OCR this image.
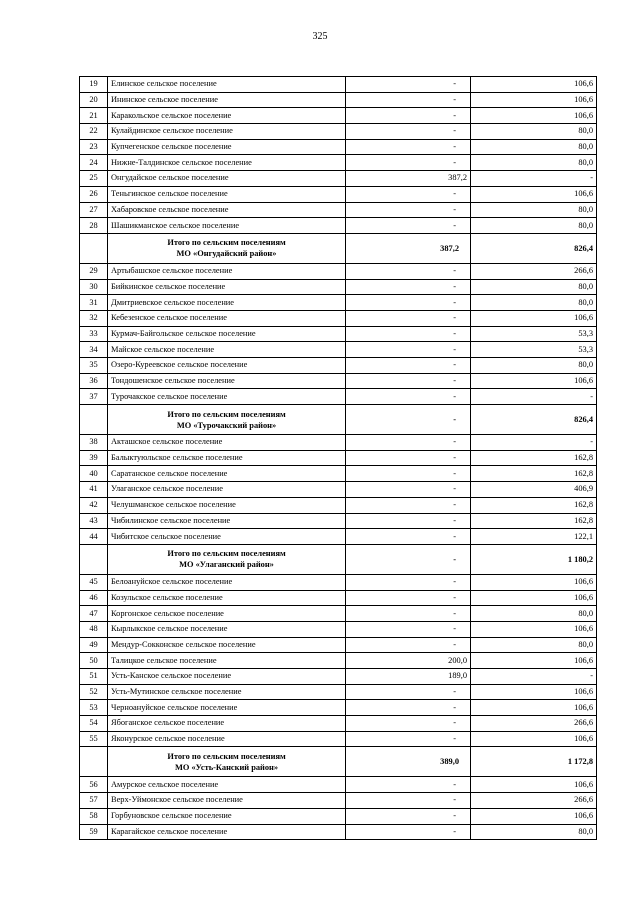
325
19	Елинское сельское поселение	-	106,6
20	Ининское сельское поселение	-	106,6
21	Каракольское сельское поселение	-	106,6
22	Кулайдинское сельское поселение	-	80,0
23	Купчегенское сельское поселение	-	80,0
24	Нижне-Талдинское сельское поселение	-	80,0
25	Онгудайское сельское поселение	387,2	-
26	Теньгинское сельское поселение	-	106,6
27	Хабаровское сельское поселение	-	80,0
28	Шашикманское сельское поселение	-	80,0

	Итого по сельским поселениям
МО «Онгудайский район»	387,2	826,4
29	Артыбашское сельское поселение	-	266,6
30	Бийкинское сельское поселение	-	80,0
31	Дмитриевское сельское поселение	-	80,0
32	Кебезенское сельское поселение	-	106,6
33	Курмач-Байгольское сельское поселение	-	53,3
34	Майское сельское поселение	-	53,3
35	Озеро-Куреевское сельское поселение	-	80,0
36	Тондошенское сельское поселение	-	106,6
37	Турочакское сельское поселение	-	-

	Итого по сельским поселениям
МО «Турочакский район»	-	826,4
38	Акташское сельское поселение	-	-
39	Балыктуюльское сельское поселение	-	162,8
40	Саратанское сельское поселение	-	162,8
41	Улаганское сельское поселение	-	406,9
42	Челушманское сельское поселение	-	162,8
43	Чибилинское сельское поселение	-	162,8
44	Чибитское сельское поселение	-	122,1

	Итого по сельским поселениям
МО «Улаганский район»	-	1 180,2
45	Белоануйское сельское поселение	-	106,6
46	Козульское сельское поселение	-	106,6
47	Коргонское сельское поселение	-	80,0
48	Кырлыкское сельское поселение	-	106,6
49	Мендур-Сокконское сельское поселение	-	80,0
50	Талицкое сельское поселение	200,0	106,6
51	Усть-Канское сельское поселение	189,0	-
52	Усть-Мутинское сельское поселение	-	106,6
53	Черноануйское сельское поселение	-	106,6
54	Ябоганское сельское поселение	-	266,6
55	Яконурское сельское поселение	-	106,6

	Итого по сельским поселениям
МО «Усть-Канский район»	389,0	1 172,8
56	Амурское сельское поселение	-	106,6
57	Верх-Уймонское сельское поселение	-	266,6
58	Горбуновское сельское поселение	-	106,6
59	Карагайское сельское поселение	-	80,0
